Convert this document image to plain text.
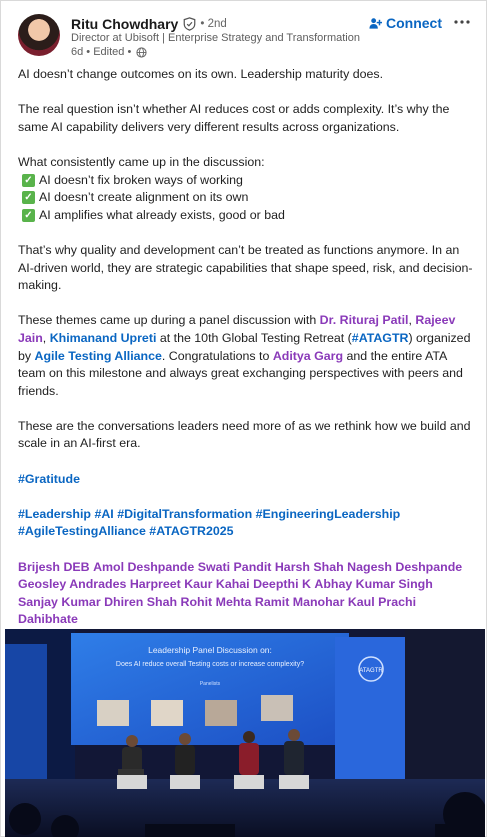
Ritu Chowdhary • 2nd
Director at Ubisoft | Enterprise Strategy and Transformation
6d • Edited •
Connect

AI doesn’t change outcomes on its own. Leadership maturity does.

The real question isn’t whether AI reduces cost or adds complexity. It’s why the same AI capability delivers very different results across organizations.

What consistently came up in the discussion:

✓ AI doesn’t fix broken ways of working
✓ AI doesn’t create alignment on its own
✓ AI amplifies what already exists, good or bad

That’s why quality and development can’t be treated as functions anymore. In an AI-driven world, they are strategic capabilities that shape speed, risk, and decision-making.

These themes came up during a panel discussion with Dr. Rituraj Patil, Rajeev Jain, Khimanand Upreti at the 10th Global Testing Retreat (#ATAGTR) organized by Agile Testing Alliance. Congratulations to Aditya Garg and the entire ATA team on this milestone and always great exchanging perspectives with peers and friends.

These are the conversations leaders need more of as we rethink how we build and scale in an AI-first era.

#Gratitude

#Leadership #AI #DigitalTransformation #EngineeringLeadership #AgileTestingAlliance #ATAGTR2025

Brijesh DEB Amol Deshpande Swati Pandit Harsh Shah Nagesh Deshpande Geosley Andrades Harpreet Kaur Kahai Deepthi K Abhay Kumar Singh Sanjay Kumar Dhiren Shah Rohit Mehta Ramit Manohar Kaul Prachi Dahibhate

Leadership Panel Discussion on:
Does AI reduce overall Testing costs or increase complexity?
Panelists
ATAGTR
